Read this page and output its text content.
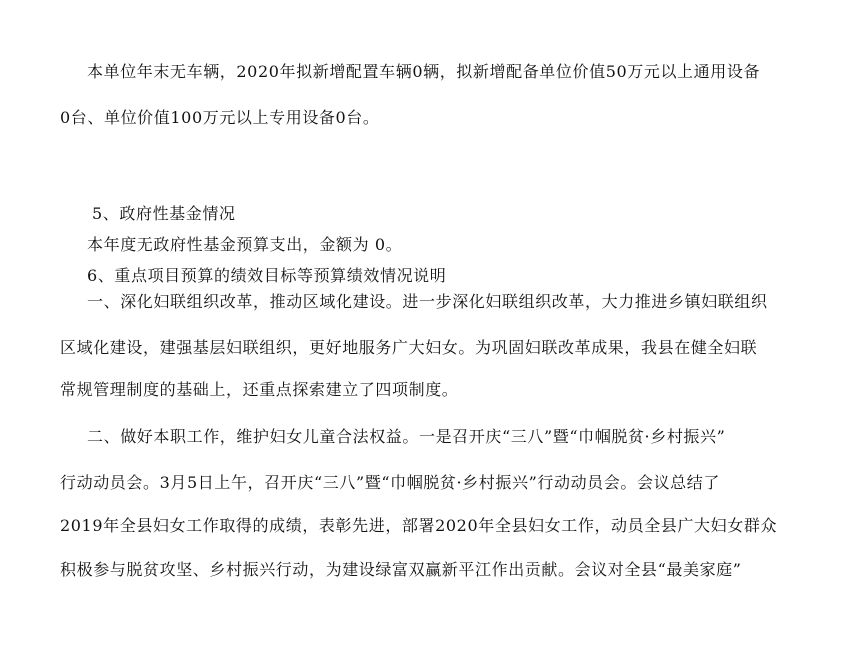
本单位年末无车辆，2020年拟新增配置车辆0辆，拟新增配备单位价值50万元以上通用设备
0台、单位价值100万元以上专用设备0台。
5、政府性基金情况
本年度无政府性基金预算支出，金额为 0。
6、重点项目预算的绩效目标等预算绩效情况说明
一、深化妇联组织改革，推动区域化建设。进一步深化妇联组织改革，大力推进乡镇妇联组织
区域化建设，建强基层妇联组织，更好地服务广大妇女。为巩固妇联改革成果，我县在健全妇联
常规管理制度的基础上，还重点探索建立了四项制度。
二、做好本职工作，维护妇女儿童合法权益。一是召开庆“三八”暨“巾帼脱贫·乡村振兴”
行动动员会。3月5日上午，召开庆“三八”暨“巾帼脱贫·乡村振兴”行动动员会。会议总结了
2019年全县妇女工作取得的成绩，表彰先进，部署2020年全县妇女工作，动员全县广大妇女群众
积极参与脱贫攻坚、乡村振兴行动，为建设绿富双赢新平江作出贡献。会议对全县“最美家庭”
